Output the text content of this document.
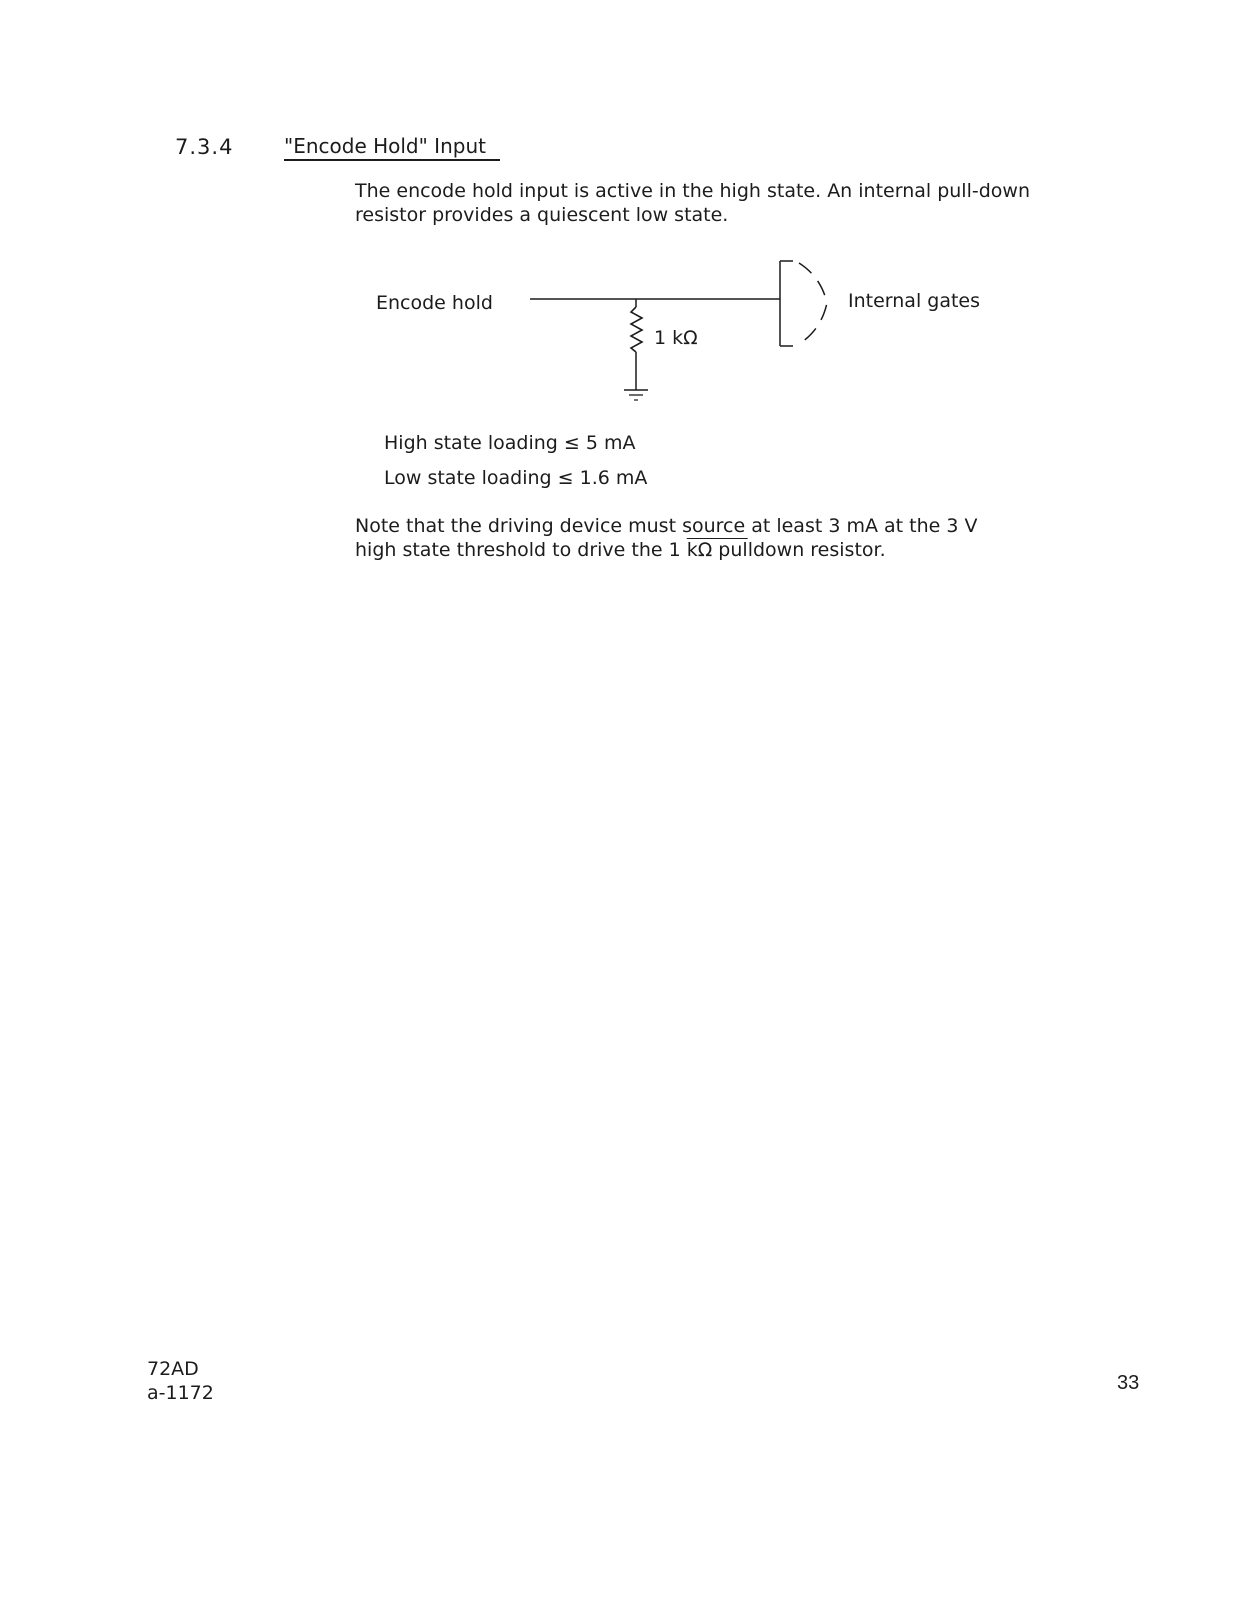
7.3.4	"Encode Hold" Input
The encode hold input is active in the high state. An internal pull-down
resistor provides a quiescent low state.
Encode hold	Internal gates
1 kΩ
High state loading ≤ 5 mA
Low state loading ≤ 1.6 mA
Note that the driving device must source at least 3 mA at the 3 V
high state threshold to drive the 1 kΩ pulldown resistor.
72AD
a-1172	33
